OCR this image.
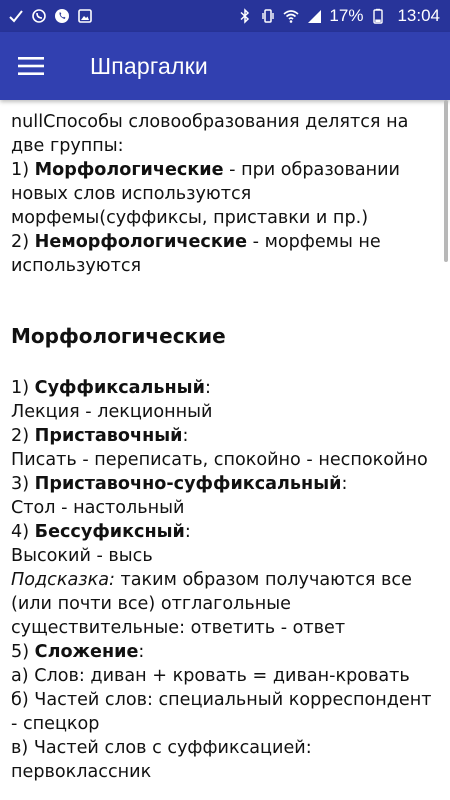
17% 13:04
Шпаргалки
nullСпособы словообразования делятся на две группы:
1) Морфологические - при образовании новых слов используются морфемы(суффиксы, приставки и пр.)
2) Неморфологические - морфемы не используются
Морфологические
1) Суффиксальный:
Лекция - лекционный
2) Приставочный:
Писать - переписать, спокойно - неспокойно
3) Приставочно-суффиксальный:
Стол - настольный
4) Бессуфиксный:
Высокий - высь
Подсказка: таким образом получаются все (или почти все) отглагольные существительные: ответить - ответ
5) Сложение:
а) Слов: диван + кровать = диван-кровать
б) Частей слов: специальный корреспондент - спецкор
в) Частей слов с суффиксацией: первоклассник
